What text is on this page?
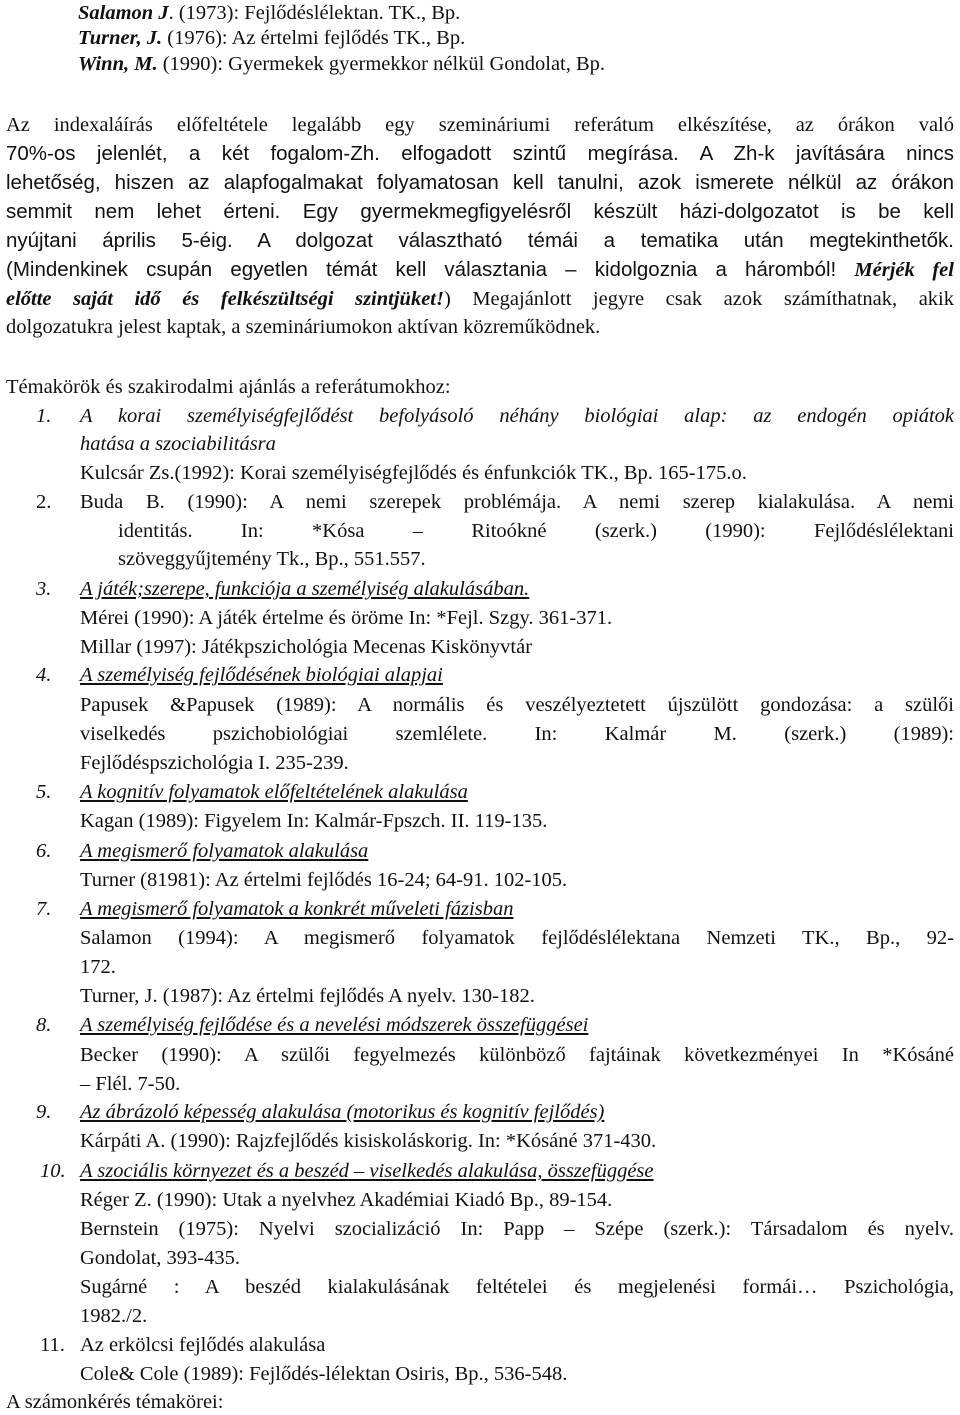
Salamon J. (1973): Fejlődéslélektan. TK., Bp.
Turner, J. (1976): Az értelmi fejlődés TK., Bp.
Winn, M. (1990): Gyermekek gyermekkor nélkül Gondolat, Bp.
Az indexaláírás előfeltétele legalább egy szemináriumi referátum elkészítése, az órákon való
70%-os jelenlét, a két fogalom-Zh. elfogadott szintű megírása. A Zh-k javítására nincs
lehetőség, hiszen az alapfogalmakat folyamatosan kell tanulni, azok ismerete nélkül az órákon
semmit nem lehet érteni. Egy gyermekmegfigyelésről készült házi-dolgozatot is be kell
nyújtani április 5-éig. A dolgozat választható témái a tematika után megtekinthetők.
(Mindenkinek csupán egyetlen témát kell választania – kidolgoznia a háromból! Mérjék fel
előtte saját idő és felkészültségi szintjüket!) Megajánlott jegyre csak azok számíthatnak, akik
dolgozatukra jelest kaptak, a szemináriumokon aktívan közreműködnek.
Témakörök és szakirodalmi ajánlás a referátumokhoz:
1. A korai személyiségfejlődést befolyásoló néhány biológiai alap: az endogén opiátok
hatása a szociabilitásra
Kulcsár Zs.(1992): Korai személyiségfejlődés és énfunkciók TK., Bp. 165-175.o.
2. Buda B. (1990): A nemi szerepek problémája. A nemi szerep kialakulása. A nemi
identitás. In: *Kósa – Ritoókné (szerk.) (1990): Fejlődéslélektani
szöveggyűjtemény Tk., Bp., 551.557.
3. A játék;szerepe, funkciója a személyiség alakulásában.
Mérei (1990): A játék értelme és öröme In: *Fejl. Szgy. 361-371.
Millar (1997): Játékpszichológia Mecenas Kiskönyvtár
4. A személyiség fejlődésének biológiai alapjai
Papusek &Papusek (1989): A normális és veszélyeztetett újszülött gondozása: a szülői
viselkedés pszichobiológiai szemlélete. In: Kalmár M. (szerk.) (1989):
Fejlődéspszichológia I. 235-239.
5. A kognitív folyamatok előfeltételének alakulása
Kagan (1989): Figyelem In: Kalmár-Fpszch. II. 119-135.
6. A megismerő folyamatok alakulása
Turner (81981): Az értelmi fejlődés 16-24; 64-91. 102-105.
7. A megismerő folyamatok a konkrét műveleti fázisban
Salamon (1994): A megismerő folyamatok fejlődéslélektana Nemzeti TK., Bp., 92-
172.
Turner, J. (1987): Az értelmi fejlődés A nyelv. 130-182.
8. A személyiség fejlődése és a nevelési módszerek összefüggései
Becker (1990): A szülői fegyelmezés különböző fajtáinak következményei In *Kósáné
– Flél. 7-50.
9. Az ábrázoló képesség alakulása (motorikus és kognitív fejlődés)
Kárpáti A. (1990): Rajzfejlődés kisiskoláskorig. In: *Kósáné 371-430.
10. A szociális környezet és a beszéd – viselkedés alakulása, összefüggése
Réger Z. (1990): Utak a nyelvhez Akadémiai Kiadó Bp., 89-154.
Bernstein (1975): Nyelvi szocializáció In: Papp – Szépe (szerk.): Társadalom és nyelv.
Gondolat, 393-435.
Sugárné : A beszéd kialakulásának feltételei és megjelenési formái… Pszichológia,
1982./2.
11. Az erkölcsi fejlődés alakulása
Cole& Cole (1989): Fejlődés-lélektan Osiris, Bp., 536-548.
A számonkérés témakörei:
